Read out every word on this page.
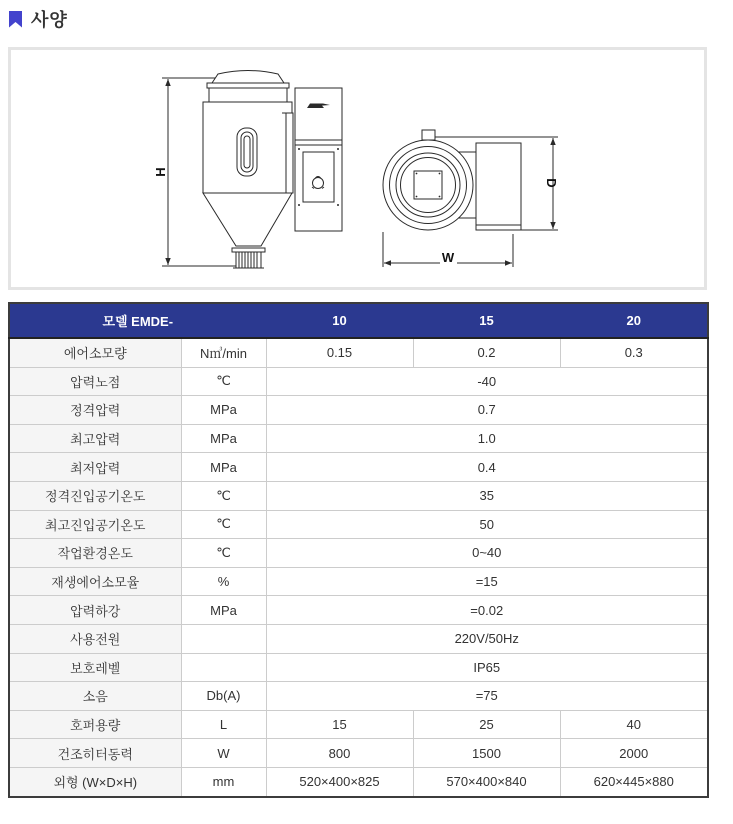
사양
H
D
W
모델 EMDE-		10	15	20
에어소모량	N㎥/min	0.15	0.2	0.3
압력노점	℃	-40		
정격압력	MPa	0.7		
최고압력	MPa	1.0		
최저압력	MPa	0.4		
정격진입공기온도	℃	35		
최고진입공기온도	℃	50		
작업환경온도	℃	0~40		
재생에어소모율	%	=15		
압력하강	MPa	=0.02		
사용전원		220V/50Hz		
보호레벨		IP65		
소음	Db(A)	=75		
호퍼용량	L	15	25	40
건조히터동력	W	800	1500	2000
외형 (W×D×H)	mm	520×400×825	570×400×840	620×445×880
